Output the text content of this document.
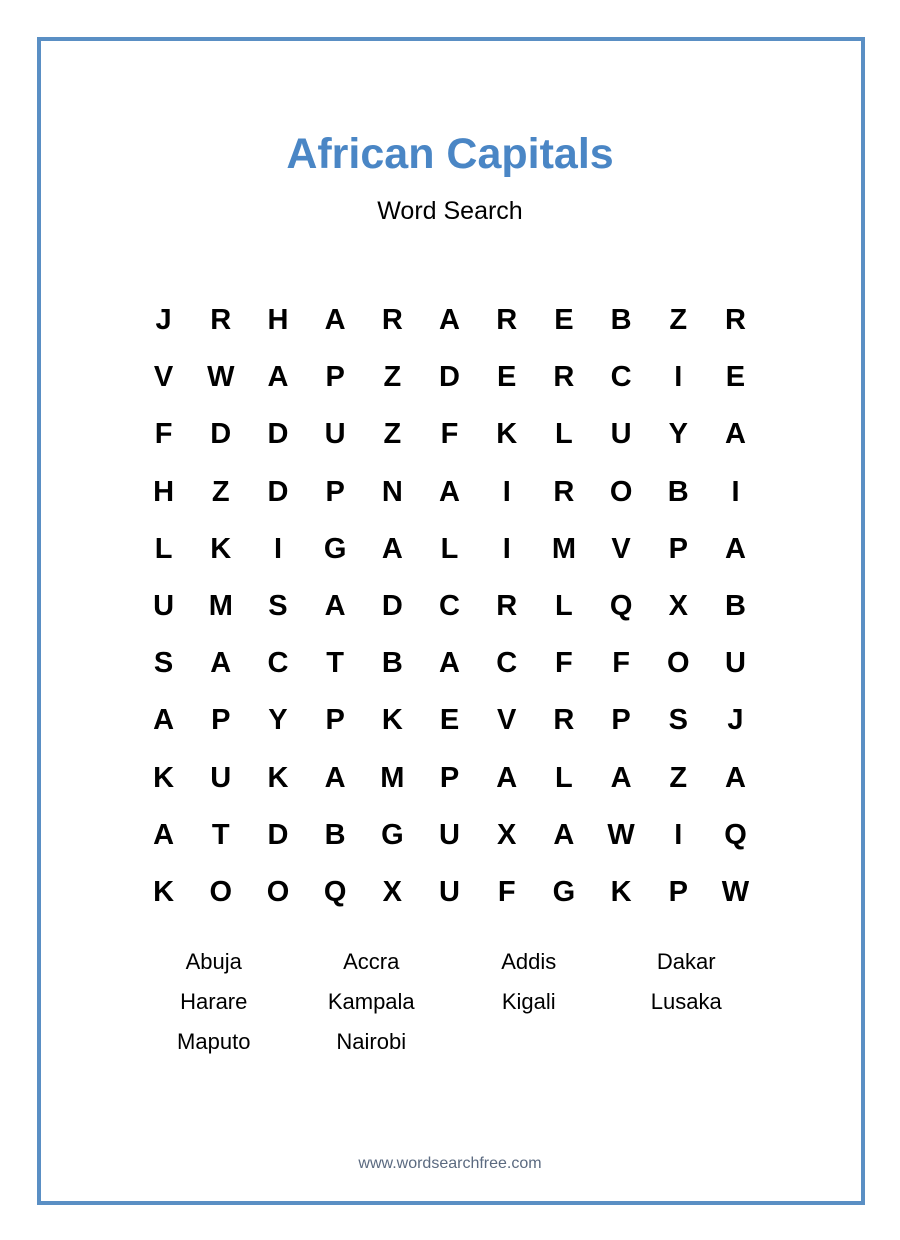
African Capitals
Word Search
J	R	H	A	R	A	R	E	B	Z	R
V	W	A	P	Z	D	E	R	C	I	E
F	D	D	U	Z	F	K	L	U	Y	A
H	Z	D	P	N	A	I	R	O	B	I
L	K	I	G	A	L	I	M	V	P	A
U	M	S	A	D	C	R	L	Q	X	B
S	A	C	T	B	A	C	F	F	O	U
A	P	Y	P	K	E	V	R	P	S	J
K	U	K	A	M	P	A	L	A	Z	A
A	T	D	B	G	U	X	A	W	I	Q
K	O	O	Q	X	U	F	G	K	P	W
Abuja	Accra	Addis	Dakar
Harare	Kampala	Kigali	Lusaka
Maputo	Nairobi
www.wordsearchfree.com
